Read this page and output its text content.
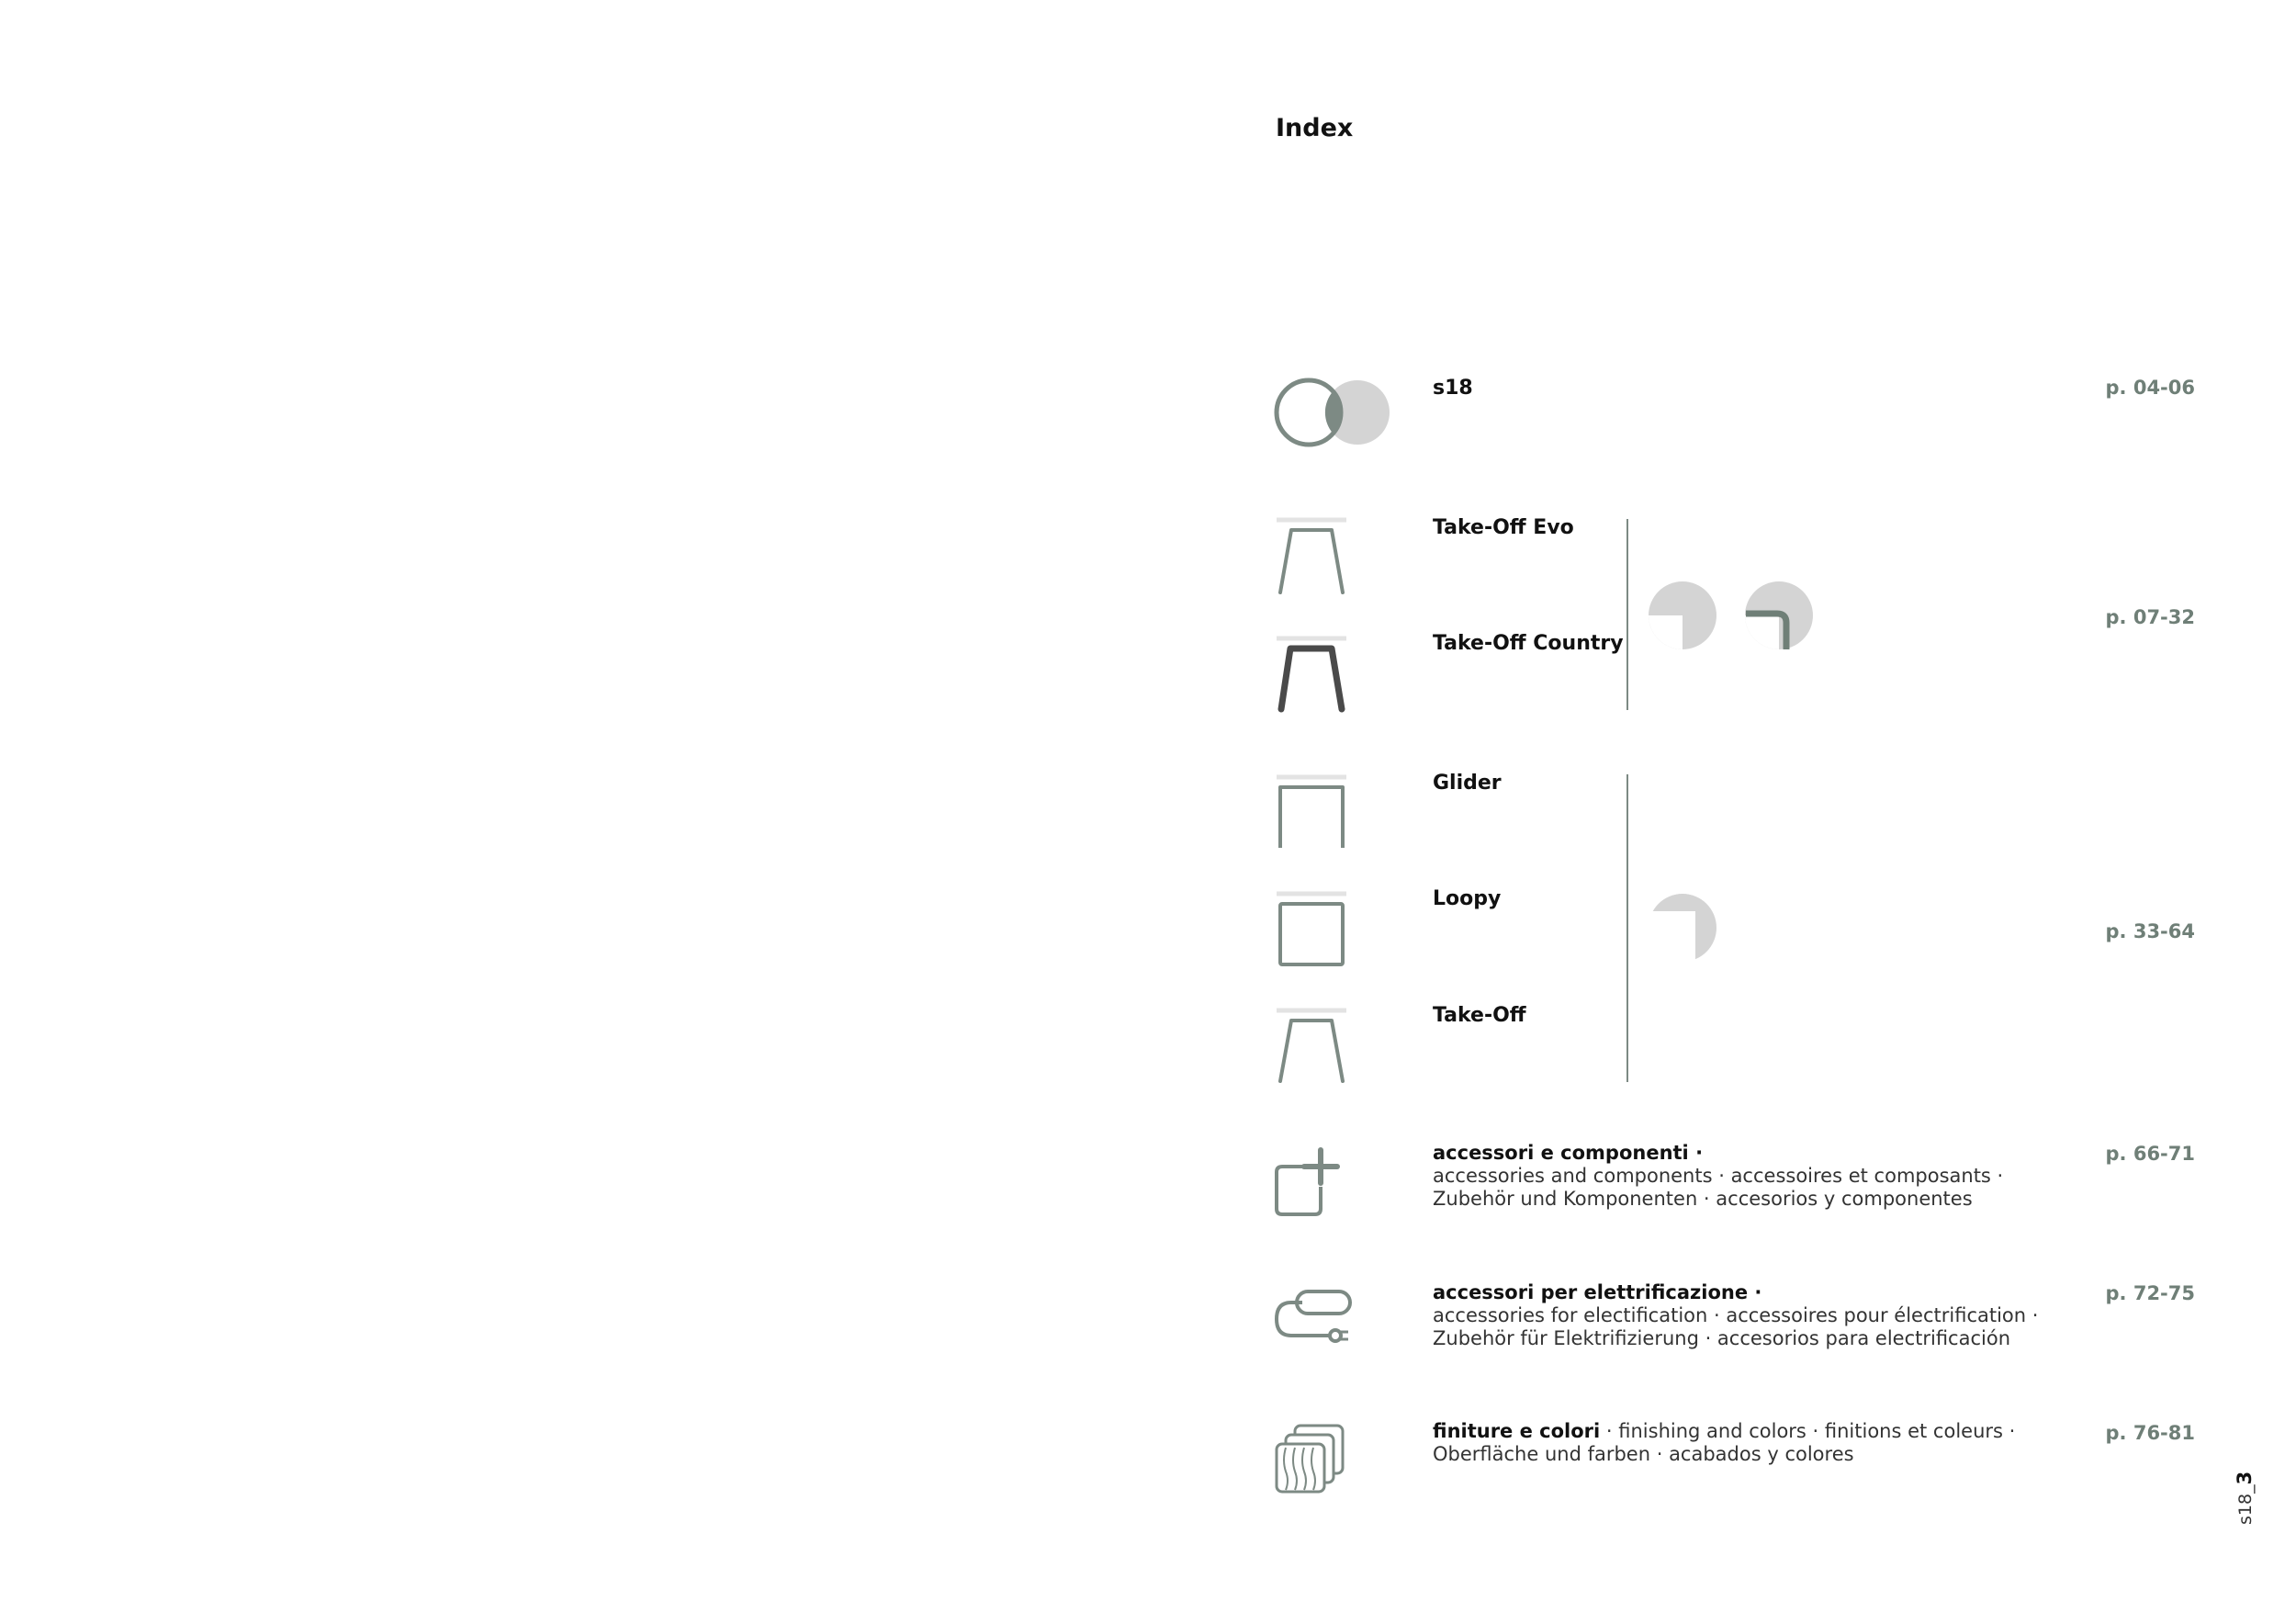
Index
s18	p. 04-06
Take-Off Evo
Take-Off Country
p. 07-32
Glider
Loopy
Take-Off
p. 33-64
accessori e componenti ·
accessories and components · accessoires et composants ·
Zubehör und Komponenten · accesorios y componentes
p. 66-71
accessori per elettrificazione ·
accessories for electification · accessoires pour électrification ·
Zubehör für Elektrifizierung · accesorios para electrificación
p. 72-75
finiture e colori · finishing and colors · finitions et coleurs ·
Oberfläche und farben · acabados y colores
p. 76-81
s18_3
